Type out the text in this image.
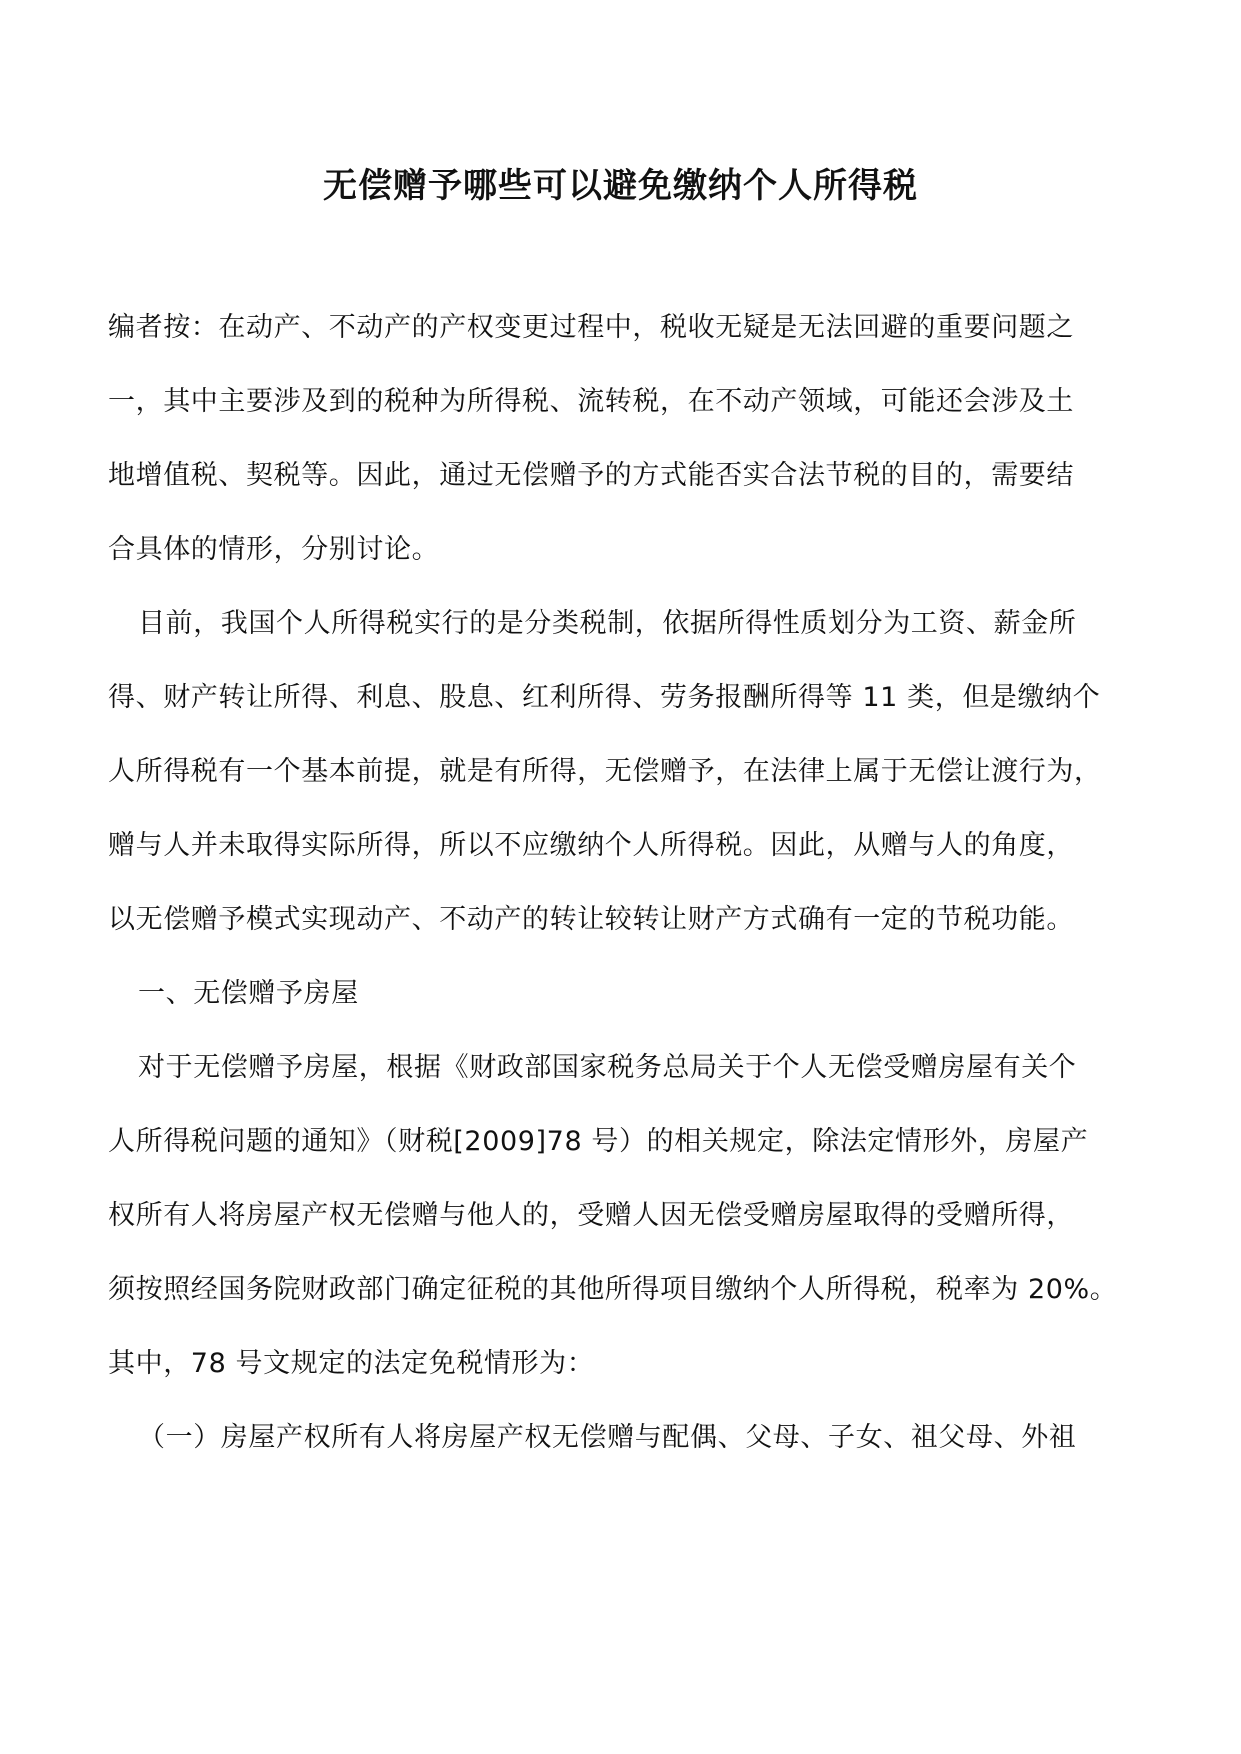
无偿赠予哪些可以避免缴纳个人所得税
编者按：在动产、不动产的产权变更过程中，税收无疑是无法回避的重要问题之
一，其中主要涉及到的税种为所得税、流转税，在不动产领域，可能还会涉及土
地增值税、契税等。因此，通过无偿赠予的方式能否实合法节税的目的，需要结
合具体的情形，分别讨论。
目前，我国个人所得税实行的是分类税制，依据所得性质划分为工资、薪金所
得、财产转让所得、利息、股息、红利所得、劳务报酬所得等 11 类，但是缴纳个
人所得税有一个基本前提，就是有所得，无偿赠予，在法律上属于无偿让渡行为，
赠与人并未取得实际所得，所以不应缴纳个人所得税。因此，从赠与人的角度，
以无偿赠予模式实现动产、不动产的转让较转让财产方式确有一定的节税功能。
一、无偿赠予房屋
对于无偿赠予房屋，根据《财政部国家税务总局关于个人无偿受赠房屋有关个
人所得税问题的通知》（财税[2009]78 号）的相关规定，除法定情形外，房屋产
权所有人将房屋产权无偿赠与他人的，受赠人因无偿受赠房屋取得的受赠所得，
须按照经国务院财政部门确定征税的其他所得项目缴纳个人所得税，税率为 20%。
其中，78 号文规定的法定免税情形为：
（一）房屋产权所有人将房屋产权无偿赠与配偶、父母、子女、祖父母、外祖
